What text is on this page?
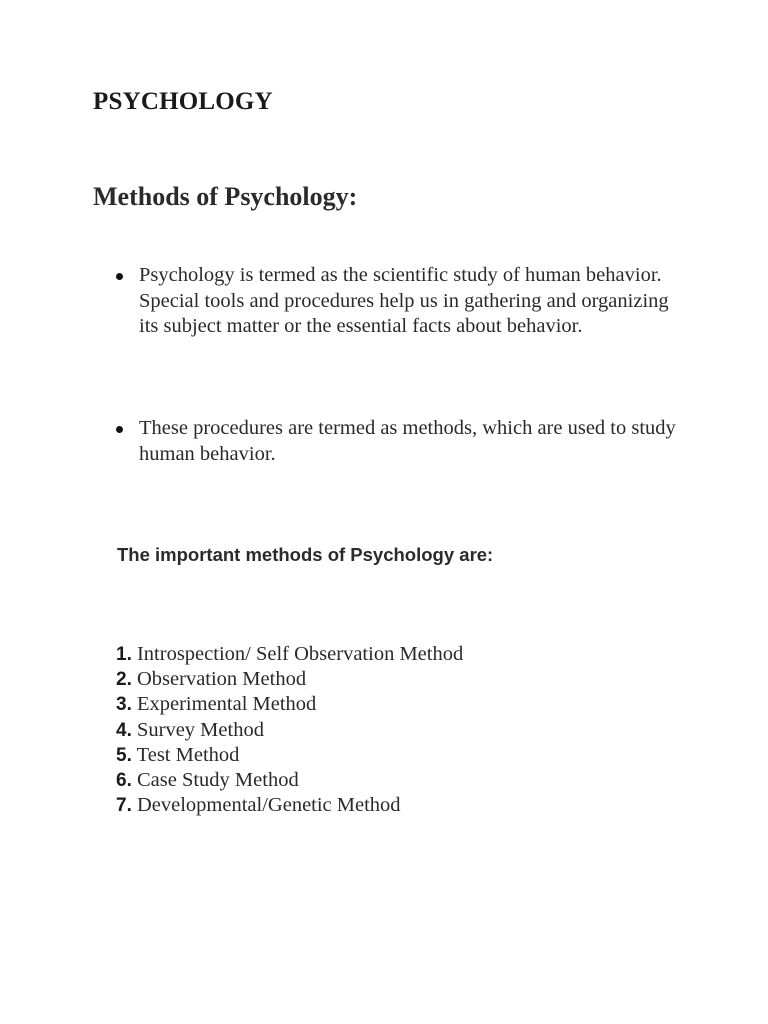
PSYCHOLOGY
Methods of Psychology:
Psychology is termed as the scientific study of human behavior. Special tools and procedures help us in gathering and organizing its subject matter or the essential facts about behavior.
These procedures are termed as methods, which are used to study human behavior.

The important methods of Psychology are:

1. Introspection/ Self Observation Method
2. Observation Method
3. Experimental Method
4. Survey Method
5. Test Method
6. Case Study Method
7. Developmental/Genetic Method
